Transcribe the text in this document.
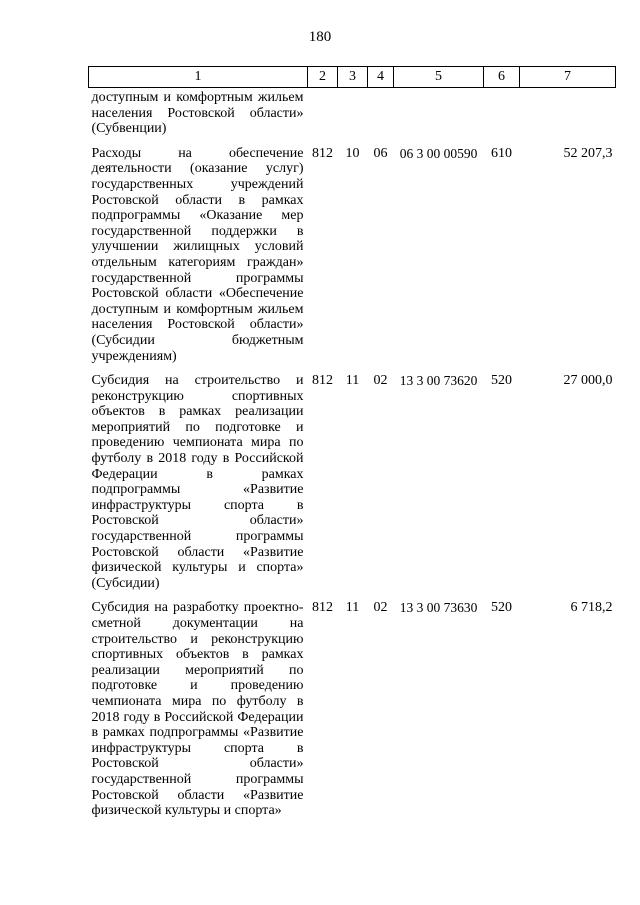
180
1	2	3	4	5	6	7
доступным и комфортным жильем населения Ростовской области» (Субвенции)						
Расходы на обеспечение деятельности (оказание услуг) государственных учреждений Ростовской области в рамках подпрограммы «Оказание мер государственной поддержки в улучшении жилищных условий отдельным категориям граждан» государственной программы Ростовской области «Обеспечение доступным и комфортным жильем населения Ростовской области» (Субсидии бюджетным учреждениям)	812	10	06	06 3 00 00590	610	52 207,3
Субсидия на строительство и реконструкцию спортивных объектов в рамках реализации мероприятий по подготовке и проведению чемпионата мира по футболу в 2018 году в Российской Федерации в рамках подпрограммы «Развитие инфраструктуры спорта в Ростовской области» государственной программы Ростовской области «Развитие физической культуры и спорта» (Субсидии)	812	11	02	13 3 00 73620	520	27 000,0
Субсидия на разработку проектно-сметной документации на строительство и реконструкцию спортивных объектов в рамках реализации мероприятий по подготовке и проведению чемпионата мира по футболу в 2018 году в Российской Федерации в рамках подпрограммы «Развитие инфраструктуры спорта в Ростовской области» государственной программы Ростовской области «Развитие физической культуры и спорта»	812	11	02	13 3 00 73630	520	6 718,2
